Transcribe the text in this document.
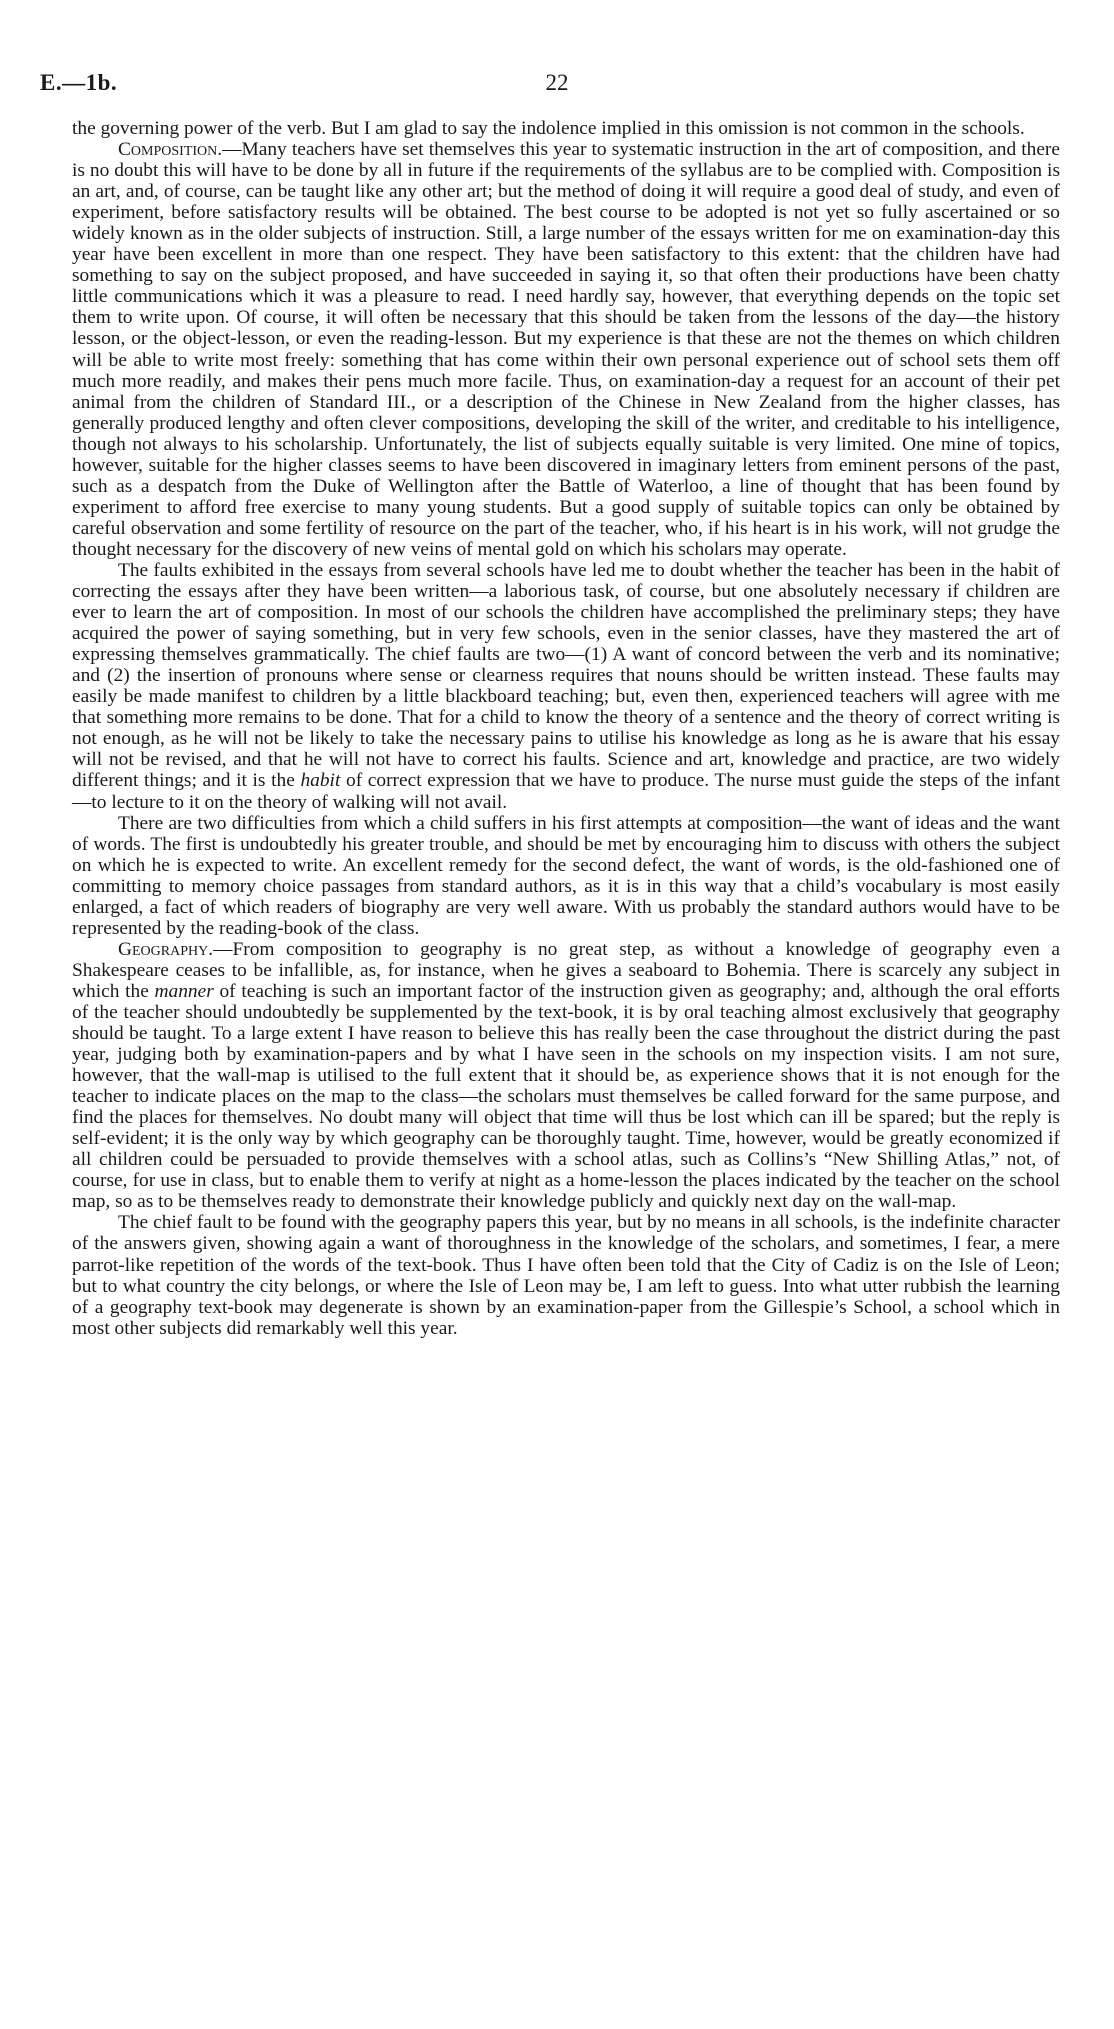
E.—1b.	22

the governing power of the verb. But I am glad to say the indolence implied in this omission is not common in the schools.

Composition.—Many teachers have set themselves this year to systematic instruction in the art of composition, and there is no doubt this will have to be done by all in future if the requirements of the syllabus are to be complied with. Composition is an art, and, of course, can be taught like any other art; but the method of doing it will require a good deal of study, and even of experiment, before satisfactory results will be obtained. The best course to be adopted is not yet so fully ascertained or so widely known as in the older subjects of instruction. Still, a large number of the essays written for me on examination-day this year have been excellent in more than one respect. They have been satisfactory to this extent: that the children have had something to say on the subject proposed, and have succeeded in saying it, so that often their productions have been chatty little communications which it was a pleasure to read. I need hardly say, however, that everything depends on the topic set them to write upon. Of course, it will often be necessary that this should be taken from the lessons of the day—the history lesson, or the object-lesson, or even the reading-lesson. But my experience is that these are not the themes on which children will be able to write most freely: something that has come within their own personal experience out of school sets them off much more readily, and makes their pens much more facile. Thus, on examination-day a request for an account of their pet animal from the children of Standard III., or a description of the Chinese in New Zealand from the higher classes, has generally produced lengthy and often clever compositions, developing the skill of the writer, and creditable to his intelligence, though not always to his scholarship. Unfortunately, the list of subjects equally suitable is very limited. One mine of topics, however, suitable for the higher classes seems to have been discovered in imaginary letters from eminent persons of the past, such as a despatch from the Duke of Wellington after the Battle of Waterloo, a line of thought that has been found by experiment to afford free exercise to many young students. But a good supply of suitable topics can only be obtained by careful observation and some fertility of resource on the part of the teacher, who, if his heart is in his work, will not grudge the thought necessary for the discovery of new veins of mental gold on which his scholars may operate.

The faults exhibited in the essays from several schools have led me to doubt whether the teacher has been in the habit of correcting the essays after they have been written—a laborious task, of course, but one absolutely necessary if children are ever to learn the art of composition. In most of our schools the children have accomplished the preliminary steps; they have acquired the power of saying something, but in very few schools, even in the senior classes, have they mastered the art of expressing themselves grammatically. The chief faults are two—(1) A want of concord between the verb and its nominative; and (2) the insertion of pronouns where sense or clearness requires that nouns should be written instead. These faults may easily be made manifest to children by a little blackboard teaching; but, even then, experienced teachers will agree with me that something more remains to be done. That for a child to know the theory of a sentence and the theory of correct writing is not enough, as he will not be likely to take the necessary pains to utilise his knowledge as long as he is aware that his essay will not be revised, and that he will not have to correct his faults. Science and art, knowledge and practice, are two widely different things; and it is the habit of correct expression that we have to produce. The nurse must guide the steps of the infant—to lecture to it on the theory of walking will not avail.

There are two difficulties from which a child suffers in his first attempts at composition—the want of ideas and the want of words. The first is undoubtedly his greater trouble, and should be met by encouraging him to discuss with others the subject on which he is expected to write. An excellent remedy for the second defect, the want of words, is the old-fashioned one of committing to memory choice passages from standard authors, as it is in this way that a child’s vocabulary is most easily enlarged, a fact of which readers of biography are very well aware. With us probably the standard authors would have to be represented by the reading-book of the class.

Geography.—From composition to geography is no great step, as without a knowledge of geography even a Shakespeare ceases to be infallible, as, for instance, when he gives a seaboard to Bohemia. There is scarcely any subject in which the manner of teaching is such an important factor of the instruction given as geography; and, although the oral efforts of the teacher should undoubtedly be supplemented by the text-book, it is by oral teaching almost exclusively that geography should be taught. To a large extent I have reason to believe this has really been the case throughout the district during the past year, judging both by examination-papers and by what I have seen in the schools on my inspection visits. I am not sure, however, that the wall-map is utilised to the full extent that it should be, as experience shows that it is not enough for the teacher to indicate places on the map to the class—the scholars must themselves be called forward for the same purpose, and find the places for themselves. No doubt many will object that time will thus be lost which can ill be spared; but the reply is self-evident; it is the only way by which geography can be thoroughly taught. Time, however, would be greatly economized if all children could be persuaded to provide themselves with a school atlas, such as Collins’s “New Shilling Atlas,” not, of course, for use in class, but to enable them to verify at night as a home-lesson the places indicated by the teacher on the school map, so as to be themselves ready to demonstrate their knowledge publicly and quickly next day on the wall-map.

The chief fault to be found with the geography papers this year, but by no means in all schools, is the indefinite character of the answers given, showing again a want of thoroughness in the knowledge of the scholars, and sometimes, I fear, a mere parrot-like repetition of the words of the text-book. Thus I have often been told that the City of Cadiz is on the Isle of Leon; but to what country the city belongs, or where the Isle of Leon may be, I am left to guess. Into what utter rubbish the learning of a geography text-book may degenerate is shown by an examination-paper from the Gillespie’s School, a school which in most other subjects did remarkably well this year.
